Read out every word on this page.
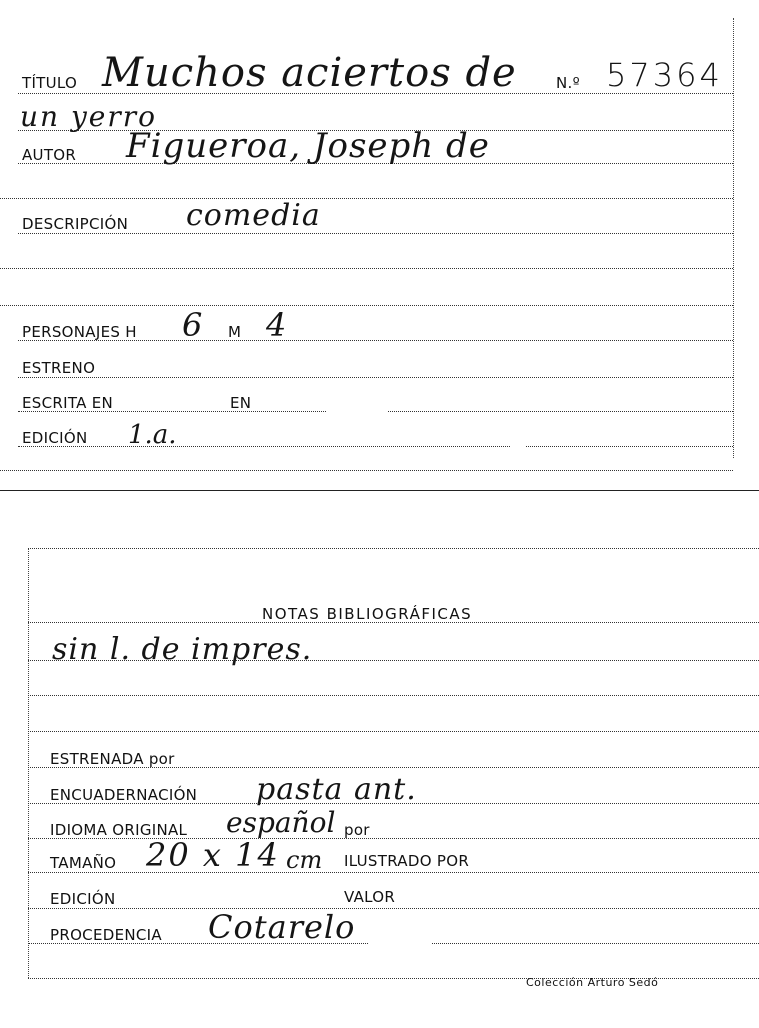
TÍTULO Muchos aciertos de	N.º 57364
un yerro
AUTOR Figueroa, Joseph de
DESCRIPCIÓN comedia
PERSONAJES H 6 M 4
ESTRENO
ESCRITA EN	EN
EDICIÓN 1.a.
NOTAS BIBLIOGRÁFICAS
sin l. de impres.
ESTRENADA por
ENCUADERNACIÓN pasta ant.
IDIOMA ORIGINAL español por
TAMAÑO 20 x 14 cm ILUSTRADO POR
EDICIÓN	VALOR
PROCEDENCIA Cotarelo
Colección Arturo Sedó
